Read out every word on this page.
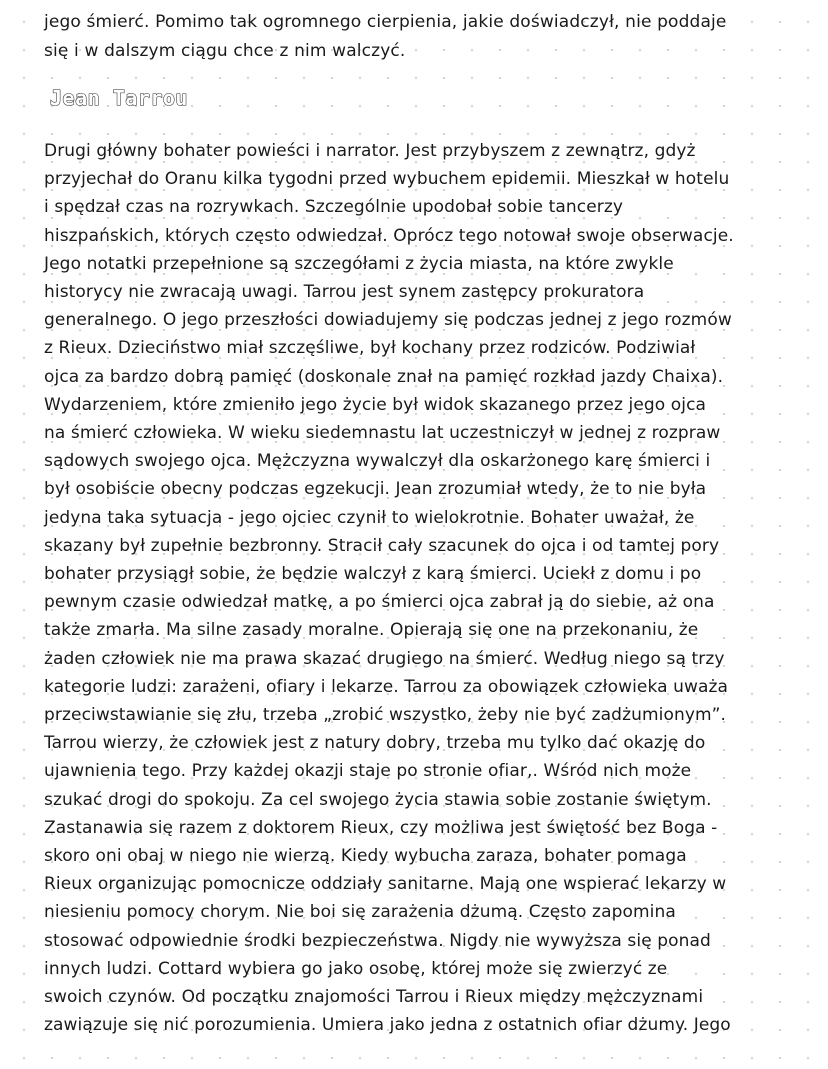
jego śmierć. Pomimo tak ogromnego cierpienia, jakie doświadczył, nie poddaje
się i w dalszym ciągu chce z nim walczyć.
Jean Tarrou
Drugi główny bohater powieści i narrator. Jest przybyszem z zewnątrz, gdyż
przyjechał do Oranu kilka tygodni przed wybuchem epidemii. Mieszkał w hotelu
i spędzał czas na rozrywkach. Szczególnie upodobał sobie tancerzy
hiszpańskich, których często odwiedzał. Oprócz tego notował swoje obserwacje.
Jego notatki przepełnione są szczegółami z życia miasta, na które zwykle
historycy nie zwracają uwagi. Tarrou jest synem zastępcy prokuratora
generalnego. O jego przeszłości dowiadujemy się podczas jednej z jego rozmów
z Rieux. Dzieciństwo miał szczęśliwe, był kochany przez rodziców. Podziwiał
ojca za bardzo dobrą pamięć (doskonale znał na pamięć rozkład jazdy Chaixa).
Wydarzeniem, które zmieniło jego życie był widok skazanego przez jego ojca
na śmierć człowieka. W wieku siedemnastu lat uczestniczył w jednej z rozpraw
sądowych swojego ojca. Mężczyzna wywalczył dla oskarżonego karę śmierci i
był osobiście obecny podczas egzekucji. Jean zrozumiał wtedy, że to nie była
jedyna taka sytuacja - jego ojciec czynił to wielokrotnie. Bohater uważał, że
skazany był zupełnie bezbronny. Stracił cały szacunek do ojca i od tamtej pory
bohater przysiągł sobie, że będzie walczył z karą śmierci. Uciekł z domu i po
pewnym czasie odwiedzał matkę, a po śmierci ojca zabrał ją do siebie, aż ona
także zmarła. Ma silne zasady moralne. Opierają się one na przekonaniu, że
żaden człowiek nie ma prawa skazać drugiego na śmierć. Według niego są trzy
kategorie ludzi: zarażeni, ofiary i lekarze. Tarrou za obowiązek człowieka uważa
przeciwstawianie się złu, trzeba „zrobić wszystko, żeby nie być zadżumionym”.
Tarrou wierzy, że człowiek jest z natury dobry, trzeba mu tylko dać okazję do
ujawnienia tego. Przy każdej okazji staje po stronie ofiar,. Wśród nich może
szukać drogi do spokoju. Za cel swojego życia stawia sobie zostanie świętym.
Zastanawia się razem z doktorem Rieux, czy możliwa jest świętość bez Boga -
skoro oni obaj w niego nie wierzą. Kiedy wybucha zaraza, bohater pomaga
Rieux organizując pomocnicze oddziały sanitarne. Mają one wspierać lekarzy w
niesieniu pomocy chorym. Nie boi się zarażenia dżumą. Często zapomina
stosować odpowiednie środki bezpieczeństwa. Nigdy nie wywyższa się ponad
innych ludzi. Cottard wybiera go jako osobę, której może się zwierzyć ze
swoich czynów. Od początku znajomości Tarrou i Rieux między mężczyznami
zawiązuje się nić porozumienia. Umiera jako jedna z ostatnich ofiar dżumy. Jego
